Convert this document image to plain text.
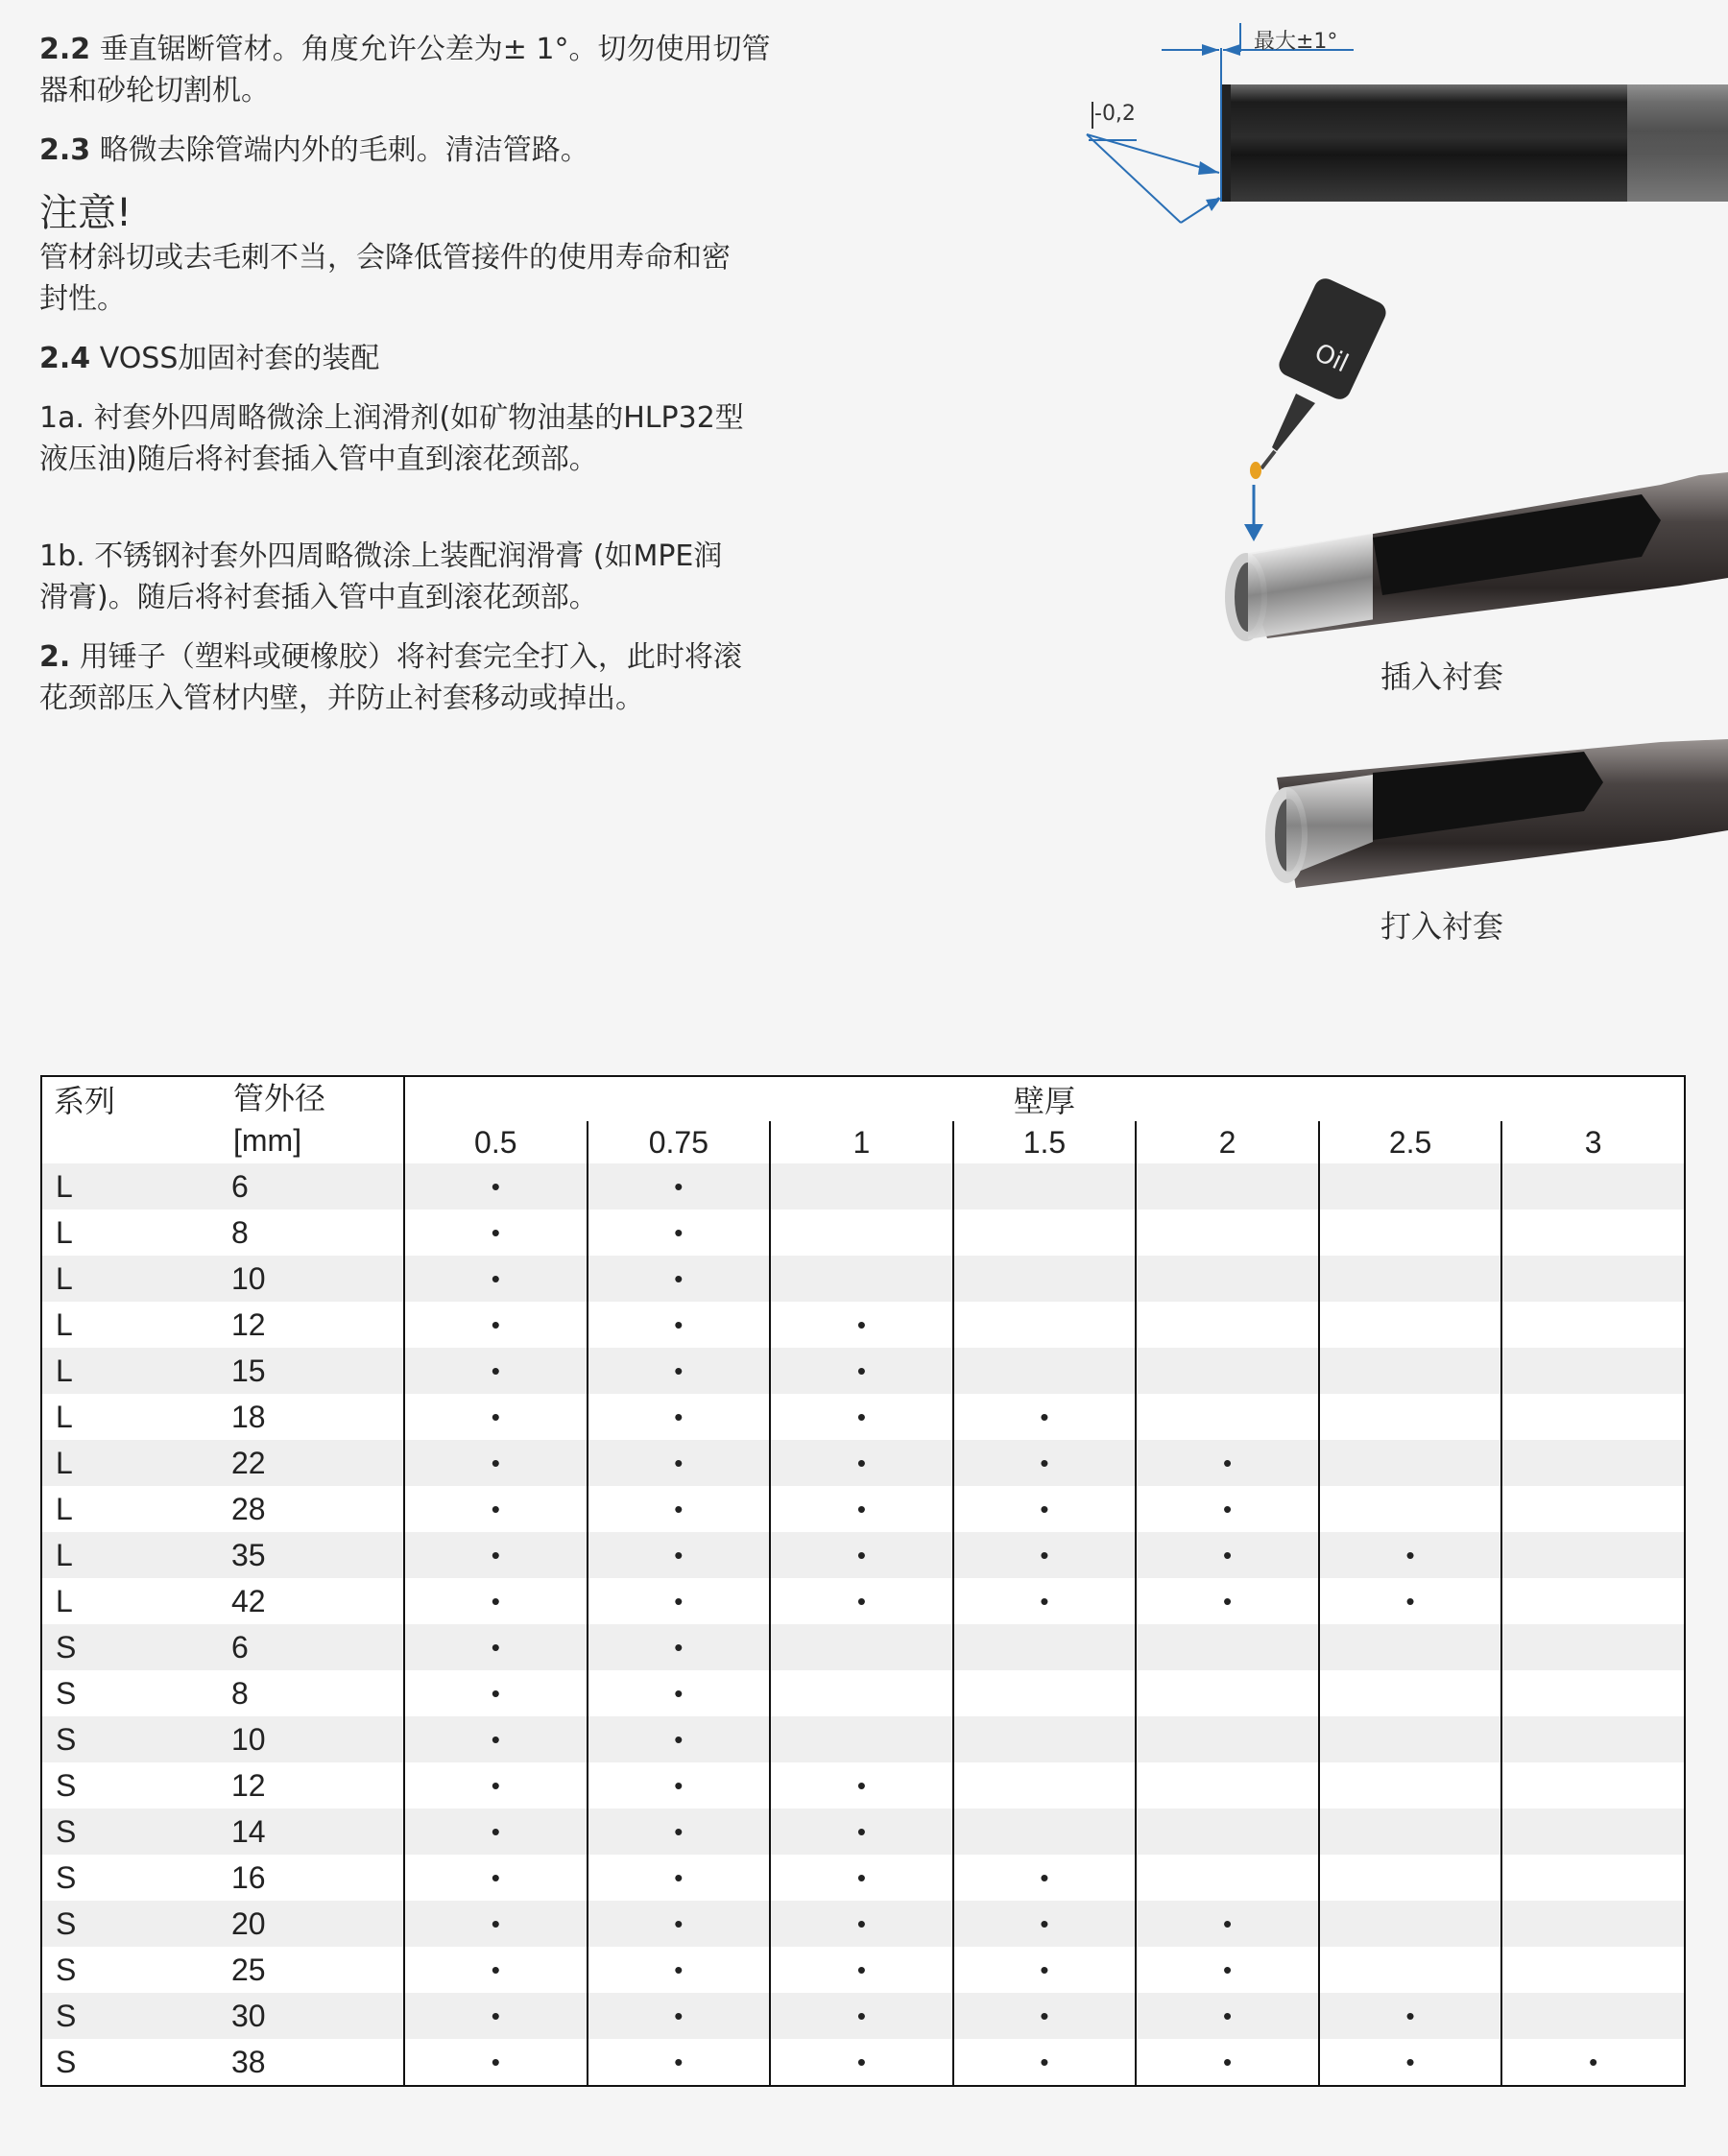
2.2 垂直锯断管材。角度允许公差为± 1°。切勿使用切管
器和砂轮切割机。

2.3 略微去除管端内外的毛刺。清洁管路。

注意!

管材斜切或去毛刺不当，会降低管接件的使用寿命和密
封性。

2.4 VOSS加固衬套的装配

1a. 衬套外四周略微涂上润滑剂(如矿物油基的HLP32型
液压油)随后将衬套插入管中直到滚花颈部。

1b. 不锈钢衬套外四周略微涂上装配润滑膏 (如MPE润
滑膏)。随后将衬套插入管中直到滚花颈部。

2. 用锤子（塑料或硬橡胶）将衬套完全打入，此时将滚
花颈部压入管材内壁，并防止衬套移动或掉出。

最大±1°
-0,2
Oil
插入衬套
打入衬套
系列	管外径
[mm]	壁厚						
		0.5	0.75	1	1.5	2	2.5	3
L	6	•	•					
L	8	•	•					
L	10	•	•					
L	12	•	•	•				
L	15	•	•	•				
L	18	•	•	•	•			
L	22	•	•	•	•	•		
L	28	•	•	•	•	•		
L	35	•	•	•	•	•	•	
L	42	•	•	•	•	•	•	
S	6	•	•					
S	8	•	•					
S	10	•	•					
S	12	•	•	•				
S	14	•	•	•				
S	16	•	•	•	•			
S	20	•	•	•	•	•		
S	25	•	•	•	•	•		
S	30	•	•	•	•	•	•	
S	38	•	•	•	•	•	•	•
